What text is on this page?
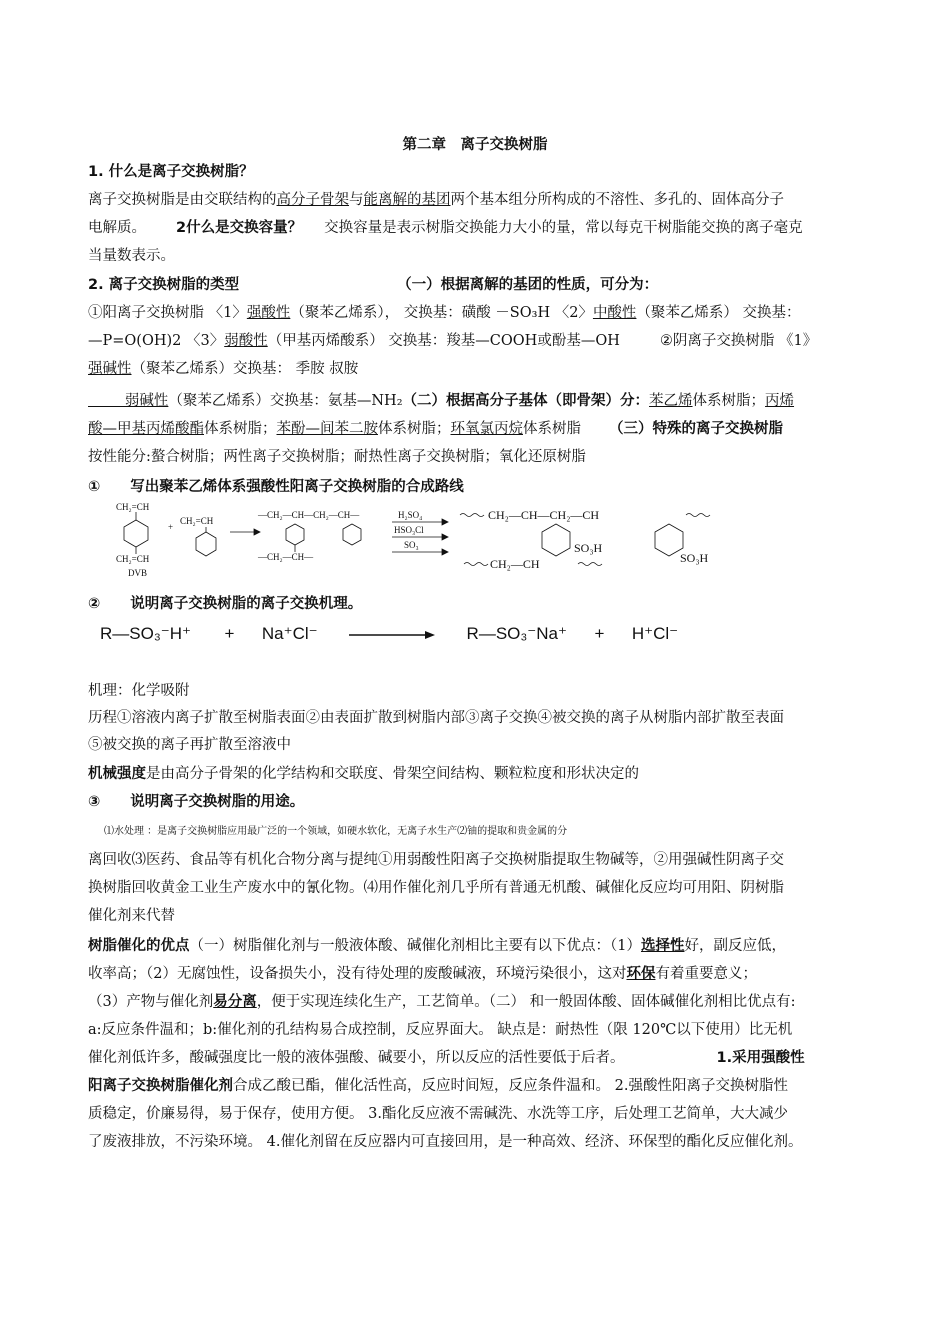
第二章　离子交换树脂
1. 什么是离子交换树脂？
离子交换树脂是由交联结构的高分子骨架与能离解的基团两个基本组分所构成的不溶性、多孔的、固体高分子
电解质。 2什么是交换容量？ 交换容量是表示树脂交换能力大小的量，常以每克干树脂能交换的离子毫克
当量数表示。
2. 离子交换树脂的类型	（一）根据离解的基团的性质，可分为：
①阳离子交换树脂 〈1〉强酸性（聚苯乙烯系）， 交换基：磺酸 －SO₃H 〈2〉中酸性（聚苯乙烯系） 交换基：
—P=O(OH)2 〈3〉弱酸性（甲基丙烯酸系） 交换基：羧基—COOH或酚基—OH	②阴离子交换树脂 《1》
强碱性（聚苯乙烯系）交换基： 季胺 叔胺
弱碱性（聚苯乙烯系）交换基：氨基—NH₂（二）根据高分子基体（即骨架）分：苯乙烯体系树脂；丙烯
酸—甲基丙烯酸酯体系树脂；苯酚—间苯二胺体系树脂；环氧氯丙烷体系树脂 （三）特殊的离子交换树脂
按性能分:螯合树脂；两性离子交换树脂；耐热性离子交换树脂；氧化还原树脂
① 写出聚苯乙烯体系强酸性阳离子交换树脂的合成路线
CH₂=CH
CH₂=CH
DVB
+
CH₂=CH
—CH₂—CH—CH₂—CH—
—CH₂—CH—
H₂SO₄
HSO₃Cl
SO₃
CH₂—CH—CH₂—CH
SO₃H
SO₃H
CH₂—CH
② 说明离子交换树脂的离子交换机理。
R—SO₃⁻H⁺ + Na⁺Cl⁻	R—SO₃⁻Na⁺ + H⁺Cl⁻
机理：化学吸附
历程①溶液内离子扩散至树脂表面②由表面扩散到树脂内部③离子交换④被交换的离子从树脂内部扩散至表面
⑤被交换的离子再扩散至溶液中
机械强度是由高分子骨架的化学结构和交联度、骨架空间结构、颗粒粒度和形状决定的
③ 说明离子交换树脂的用途。
⑴水处理 ：是离子交换树脂应用最广泛的一个领域，如硬水软化，无离子水生产⑵铀的提取和贵金属的分
离回收⑶医药、食品等有机化合物分离与提纯①用弱酸性阳离子交换树脂提取生物碱等，②用强碱性阴离子交
换树脂回收黄金工业生产废水中的氰化物。⑷用作催化剂几乎所有普通无机酸、碱催化反应均可用阳、阴树脂
催化剂来代替
树脂催化的优点（一）树脂催化剂与一般液体酸、碱催化剂相比主要有以下优点：（1）选择性好，副反应低，
收率高；（2）无腐蚀性，设备损失小，没有待处理的废酸碱液，环境污染很小，这对环保有着重要意义；
（3）产物与催化剂易分离，便于实现连续化生产，工艺简单。（二） 和一般固体酸、固体碱催化剂相比优点有:
a:反应条件温和；b:催化剂的孔结构易合成控制，反应界面大。 缺点是：耐热性（限 120℃以下使用）比无机
催化剂低许多，酸碱强度比一般的液体强酸、碱要小，所以反应的活性要低于后者。	1.采用强酸性
阳离子交换树脂催化剂合成乙酸已酯，催化活性高，反应时间短，反应条件温和。 2.强酸性阳离子交换树脂性
质稳定，价廉易得，易于保存，使用方便。 3.酯化反应液不需碱洗、水洗等工序，后处理工艺简单，大大减少
了废液排放，不污染环境。 4.催化剂留在反应器内可直接回用，是一种高效、经济、环保型的酯化反应催化剂。
